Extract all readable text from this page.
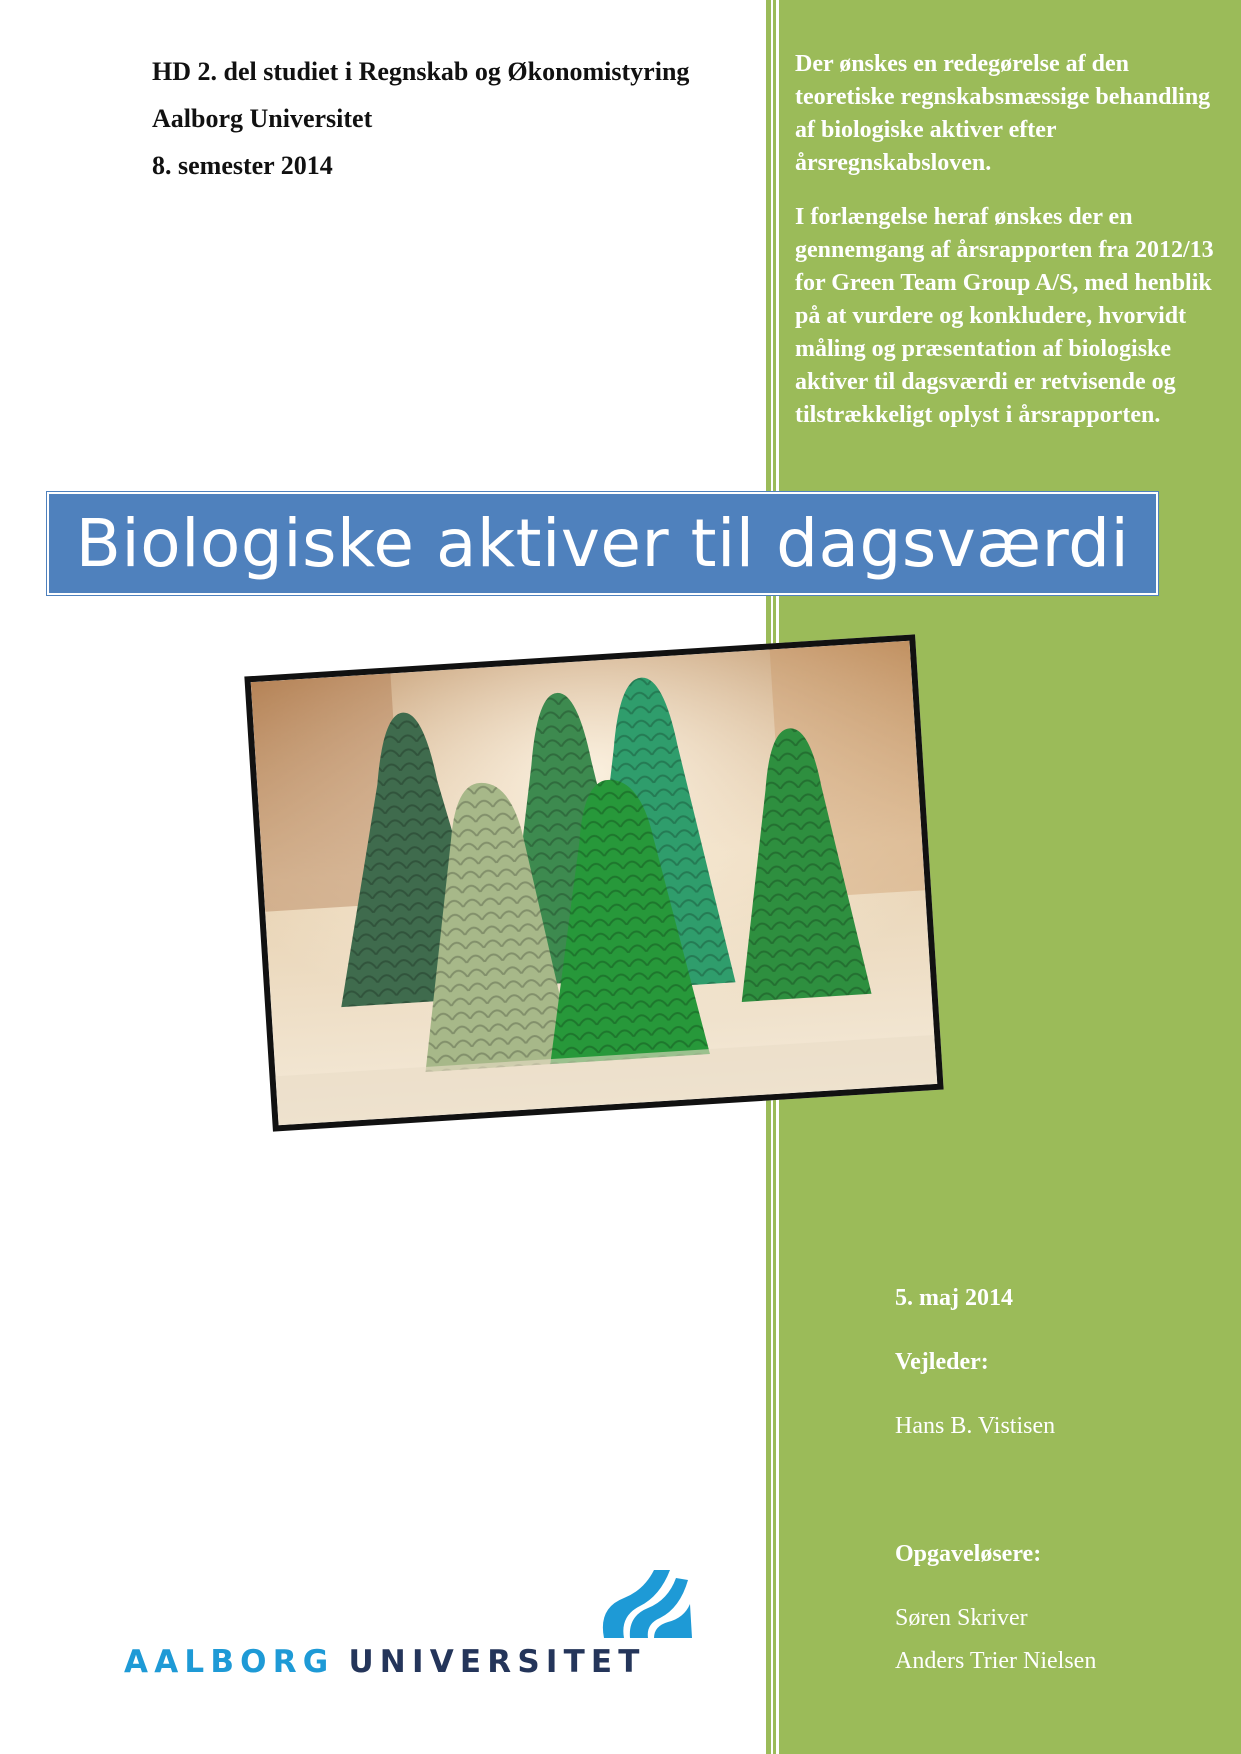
HD 2. del studiet i Regnskab og Økonomistyring

Aalborg Universitet

8. semester 2014

Der ønskes en redegørelse af den teoretiske regnskabsmæssige behandling af biologiske aktiver efter årsregnskabsloven.

I forlængelse heraf ønskes der en gennemgang af årsrapporten fra 2012/13 for Green Team Group A/S, med henblik på at vurdere og konkludere, hvorvidt måling og præsentation af biologiske aktiver til dagsværdi er retvisende og tilstrækkeligt oplyst i årsrapporten.

Biologiske aktiver til dagsværdi
5. maj 2014
Vejleder:
Hans B. Vistisen
Opgaveløsere:
Søren Skriver
Anders Trier Nielsen
AALBORG UNIVERSITET
